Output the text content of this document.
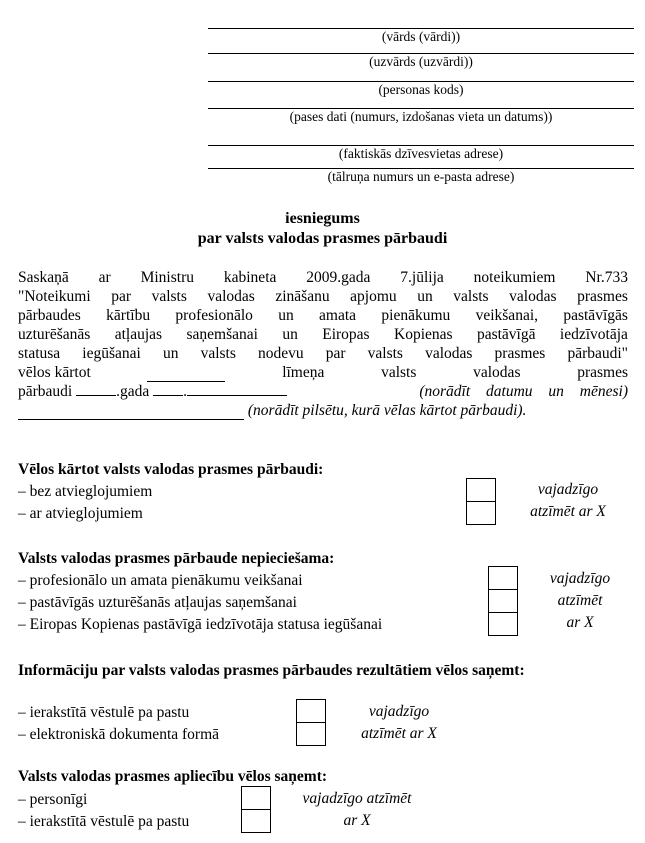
(vārds (vārdi))
(uzvārds (uzvārdi))
(personas kods)
(pases dati (numurs, izdošanas vieta un datums))
(faktiskās dzīvesvietas adrese)
(tālruņa numurs un e-pasta adrese)
iesniegums
par valsts valodas prasmes pārbaudi
Saskaņā ar Ministru kabineta 2009.gada 7.jūlija noteikumiem Nr.733
"Noteikumi par valsts valodas zināšanu apjomu un valsts valodas prasmes
pārbaudes kārtību profesionālo un amata pienākumu veikšanai, pastāvīgās
uzturēšanās atļaujas saņemšanai un Eiropas Kopienas pastāvīgā iedzīvotāja
statusa iegūšanai un valsts nodevu par valsts valodas prasmes pārbaudi"
vēlos kārtot	līmeņa	valsts	valodas	prasmes
pārbaudi	.gada .	(norādīt datumu un mēnesi)

(norādīt pilsētu, kurā vēlas kārtot pārbaudi).
Vēlos kārtot valsts valodas prasmes pārbaudi:
– bez atvieglojumiem
– ar atvieglojumiem
vajadzīgo
atzīmēt ar X
Valsts valodas prasmes pārbaude nepieciešama:
– profesionālo un amata pienākumu veikšanai
– pastāvīgās uzturēšanās atļaujas saņemšanai
– Eiropas Kopienas pastāvīgā iedzīvotāja statusa iegūšanai
vajadzīgo
atzīmēt
ar X
Informāciju par valsts valodas prasmes pārbaudes rezultātiem vēlos saņemt:
– ierakstītā vēstulē pa pastu
– elektroniskā dokumenta formā
vajadzīgo
atzīmēt ar X
Valsts valodas prasmes apliecību vēlos saņemt:
– personīgi
– ierakstītā vēstulē pa pastu
vajadzīgo atzīmēt
ar X
